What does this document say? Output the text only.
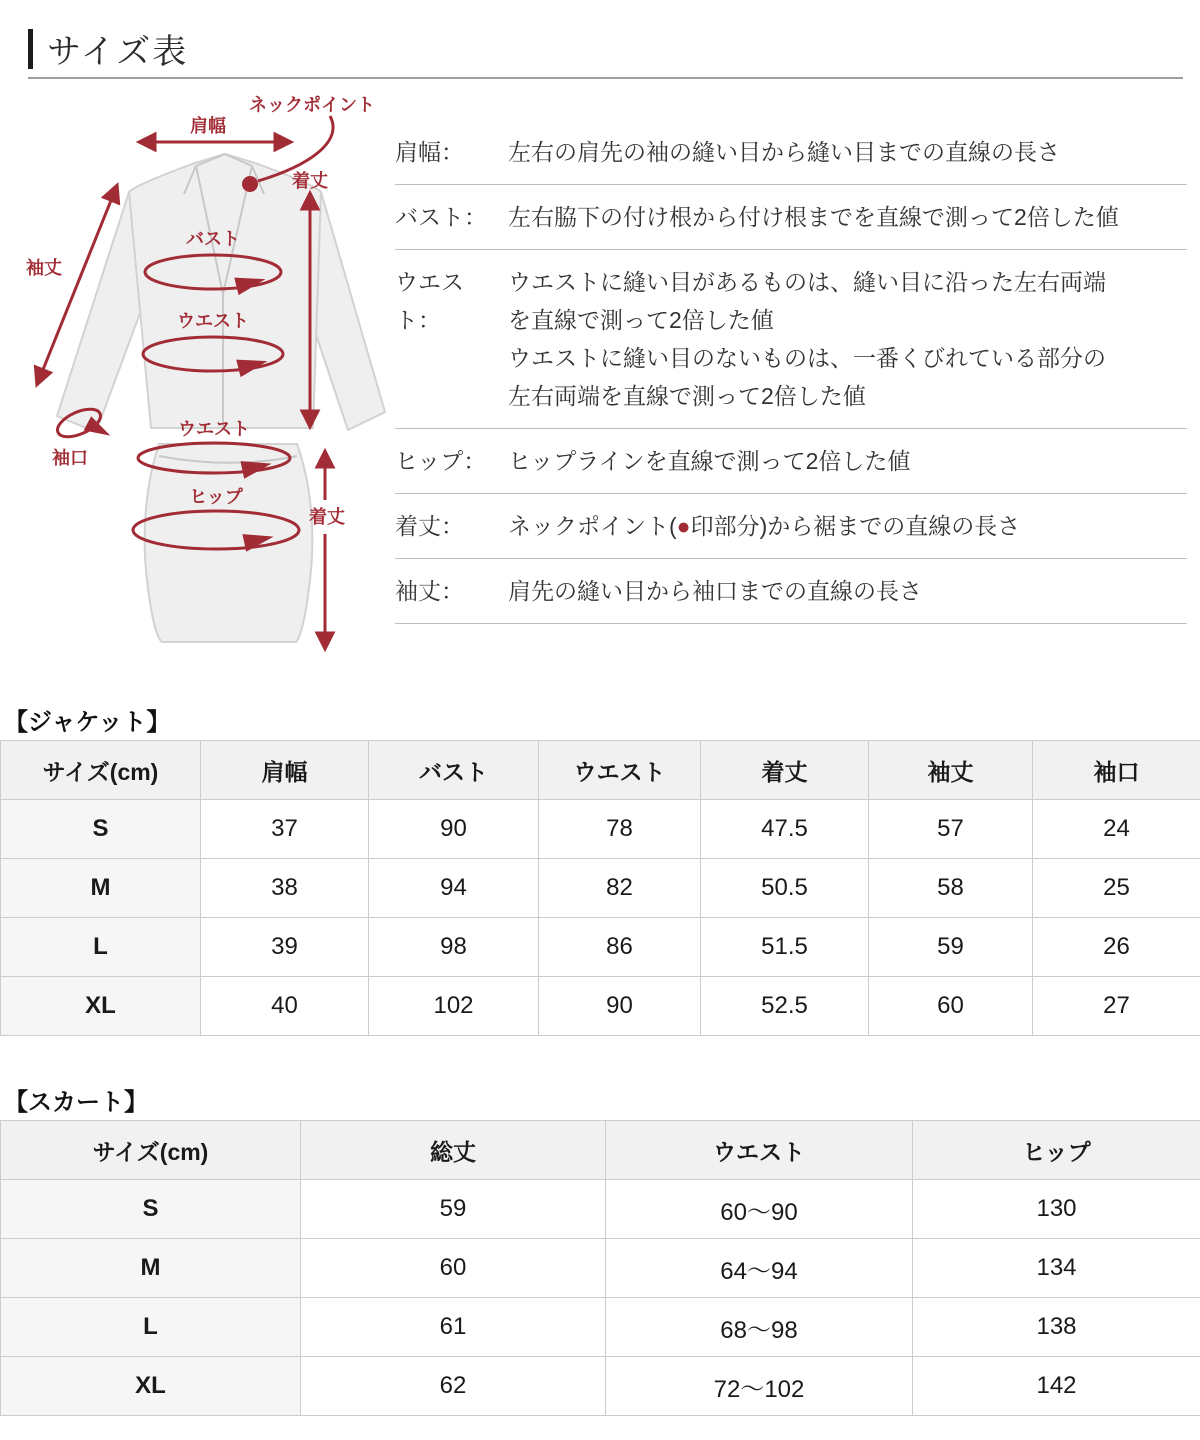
サイズ表
肩幅
ネックポイント
着丈
バスト
袖丈
ウエスト
袖口
ウエスト
ヒップ
着丈
肩幅：	左右の肩先の袖の縫い目から縫い目までの直線の長さ
バスト： 左右脇下の付け根から付け根までを直線で測って2倍した値
ウエスト：
ウエストに縫い目があるものは、縫い目に沿った左右両端
を直線で測って2倍した値
ウエストに縫い目のないものは、一番くびれている部分の
左右両端を直線で測って2倍した値
ヒップ： ヒップラインを直線で測って2倍した値
着丈：	ネックポイント(●印部分)から裾までの直線の長さ
袖丈：	肩先の縫い目から袖口までの直線の長さ
【ジャケット】
サイズ(cm)	肩幅	バスト	ウエスト	着丈	袖丈	袖口
S	37	90	78	47.5	57	24
M	38	94	82	50.5	58	25
L	39	98	86	51.5	59	26
XL	40	102	90	52.5	60	27
【スカート】
サイズ(cm)	総丈	ウエスト	ヒップ
S	59	60〜90	130
M	60	64〜94	134
L	61	68〜98	138
XL	62	72〜102	142
